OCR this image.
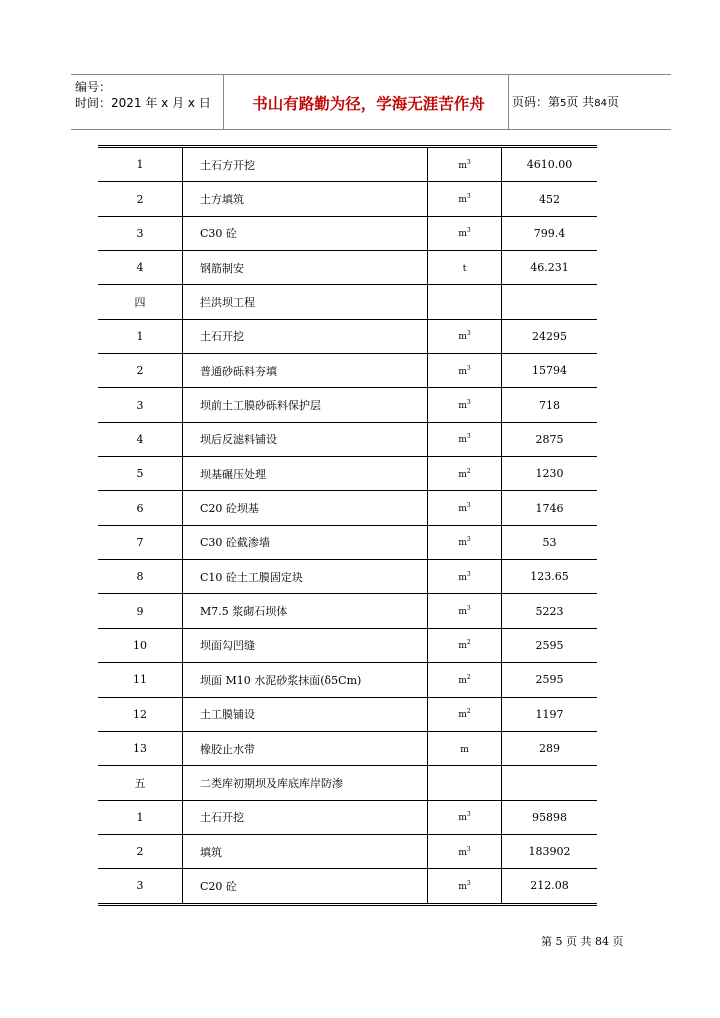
编号：
时间：2021 年 x 月 x 日	书山有路勤为径，学海无涯苦作舟	页码：第5页 共84页
1	土石方开挖	$m^3$	4610.00
2	土方填筑	$m^3$	452
3	C30 砼	$m^3$	799.4
4	钢筋制安	t	46.231
四	拦洪坝工程		
1	土石开挖	$m^3$	24295
2	普通砂砾料夯填	$m^3$	15794
3	坝前土工膜砂砾料保护层	$m^3$	718
4	坝后反滤料铺设	$m^3$	2875
5	坝基碾压处理	$m^2$	1230
6	C20 砼坝基	$m^3$	1746
7	C30 砼截渗墙	$m^3$	53
8	C10 砼土工膜固定块	$m^3$	123.65
9	M7.5 浆砌石坝体	$m^3$	5223
10	坝面勾凹缝	$m^2$	2595
11	坝面 M10 水泥砂浆抹面(δ5Cm)	$m^2$	2595
12	土工膜铺设	$m^2$	1197
13	橡胶止水带	m	289
五	二类库初期坝及库底库岸防渗		
1	土石开挖	$m^3$	95898
2	填筑	$m^3$	183902
3	C20 砼	$m^3$	212.08
第 5 页 共 84 页
